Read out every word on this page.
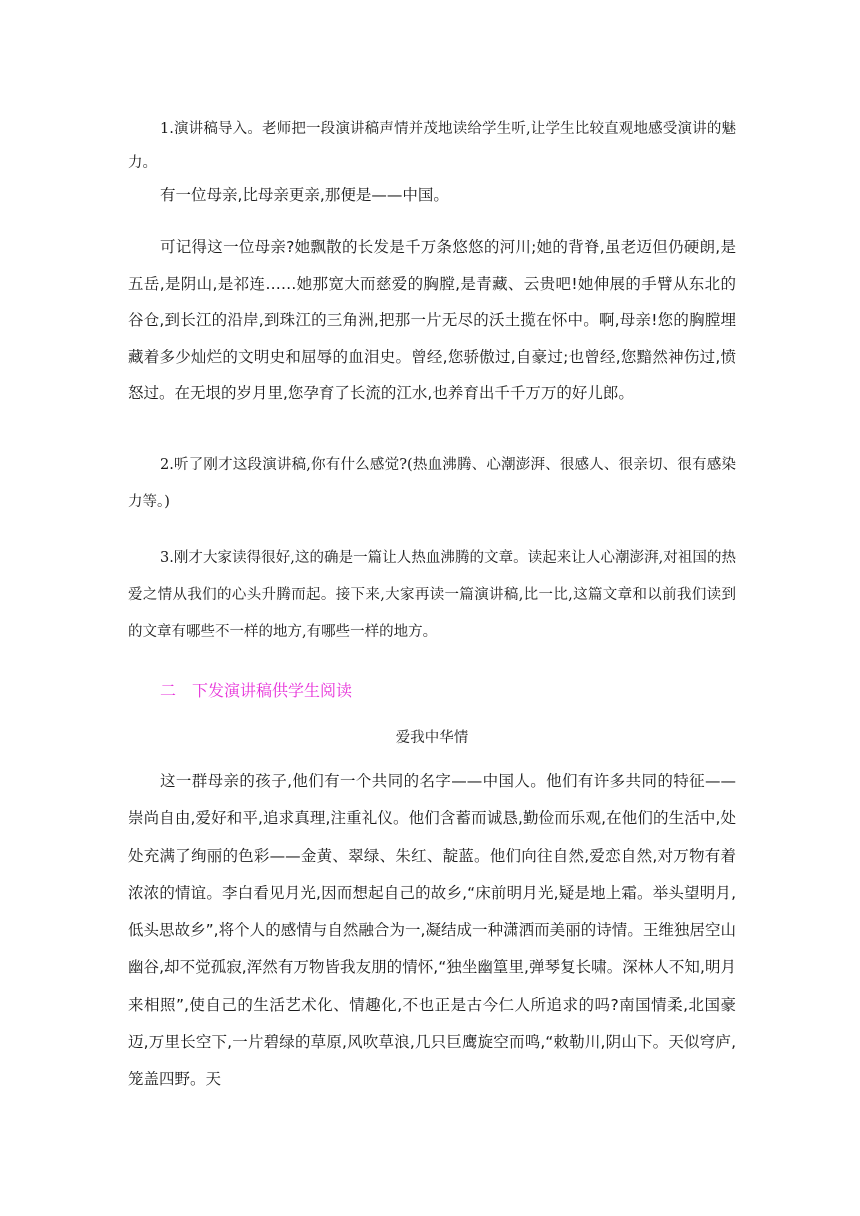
1.演讲稿导入。老师把一段演讲稿声情并茂地读给学生听,让学生比较直观地感受演讲的魅力。

有一位母亲,比母亲更亲,那便是——中国。

可记得这一位母亲?她飘散的长发是千万条悠悠的河川;她的背脊,虽老迈但仍硬朗,是五岳,是阴山,是祁连……她那宽大而慈爱的胸膛,是青藏、云贵吧!她伸展的手臂从东北的谷仓,到长江的沿岸,到珠江的三角洲,把那一片无尽的沃土揽在怀中。啊,母亲!您的胸膛埋藏着多少灿烂的文明史和屈辱的血泪史。曾经,您骄傲过,自豪过;也曾经,您黯然神伤过,愤怒过。在无垠的岁月里,您孕育了长流的江水,也养育出千千万万的好儿郎。

2.听了刚才这段演讲稿,你有什么感觉?(热血沸腾、心潮澎湃、很感人、很亲切、很有感染力等。)

3.刚才大家读得很好,这的确是一篇让人热血沸腾的文章。读起来让人心潮澎湃,对祖国的热爱之情从我们的心头升腾而起。接下来,大家再读一篇演讲稿,比一比,这篇文章和以前我们读到的文章有哪些不一样的地方,有哪些一样的地方。

二　下发演讲稿供学生阅读

爱我中华情

这一群母亲的孩子,他们有一个共同的名字——中国人。他们有许多共同的特征——崇尚自由,爱好和平,追求真理,注重礼仪。他们含蓄而诚恳,勤俭而乐观,在他们的生活中,处处充满了绚丽的色彩——金黄、翠绿、朱红、靛蓝。他们向往自然,爱恋自然,对万物有着浓浓的情谊。李白看见月光,因而想起自己的故乡,“床前明月光,疑是地上霜。举头望明月,低头思故乡”,将个人的感情与自然融合为一,凝结成一种潇洒而美丽的诗情。王维独居空山幽谷,却不觉孤寂,浑然有万物皆我友朋的情怀,“独坐幽篁里,弹琴复长啸。深林人不知,明月来相照”,使自己的生活艺术化、情趣化,不也正是古今仁人所追求的吗?南国情柔,北国豪迈,万里长空下,一片碧绿的草原,风吹草浪,几只巨鹰旋空而鸣,“敕勒川,阴山下。天似穹庐,笼盖四野。天
